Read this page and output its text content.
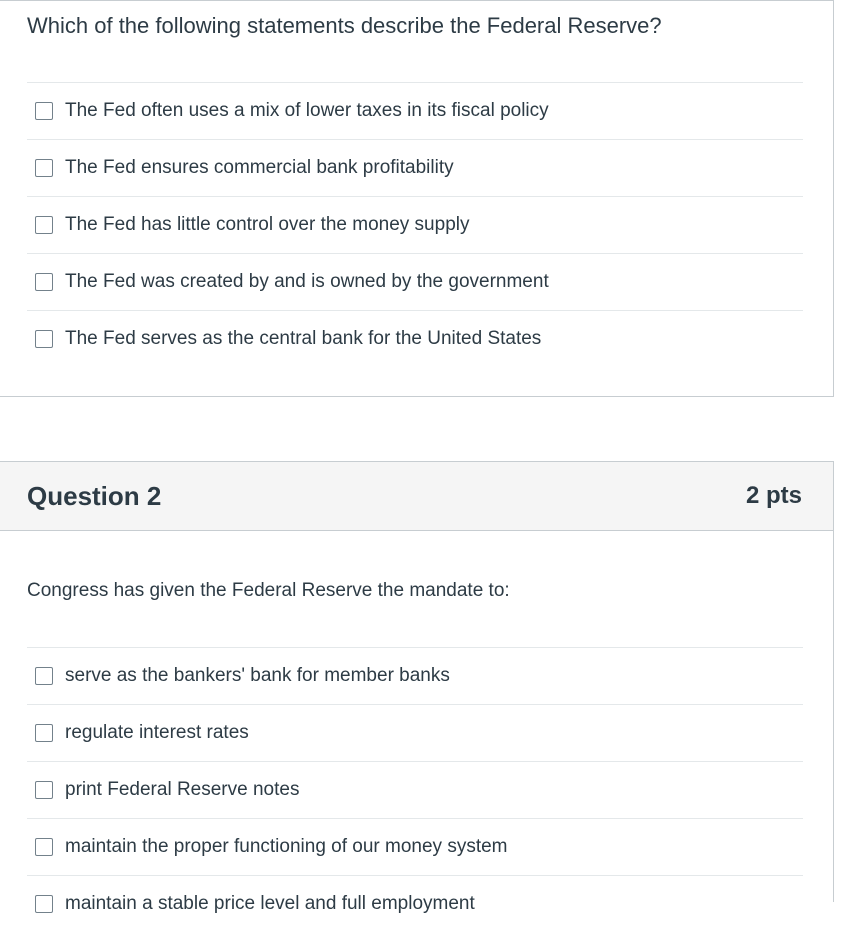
Which of the following statements describe the Federal Reserve?
The Fed often uses a mix of lower taxes in its fiscal policy
The Fed ensures commercial bank profitability
The Fed has little control over the money supply
The Fed was created by and is owned by the government
The Fed serves as the central bank for the United States
Question 2	2 pts
Congress has given the Federal Reserve the mandate to:
serve as the bankers' bank for member banks
regulate interest rates
print Federal Reserve notes
maintain the proper functioning of our money system
maintain a stable price level and full employment
